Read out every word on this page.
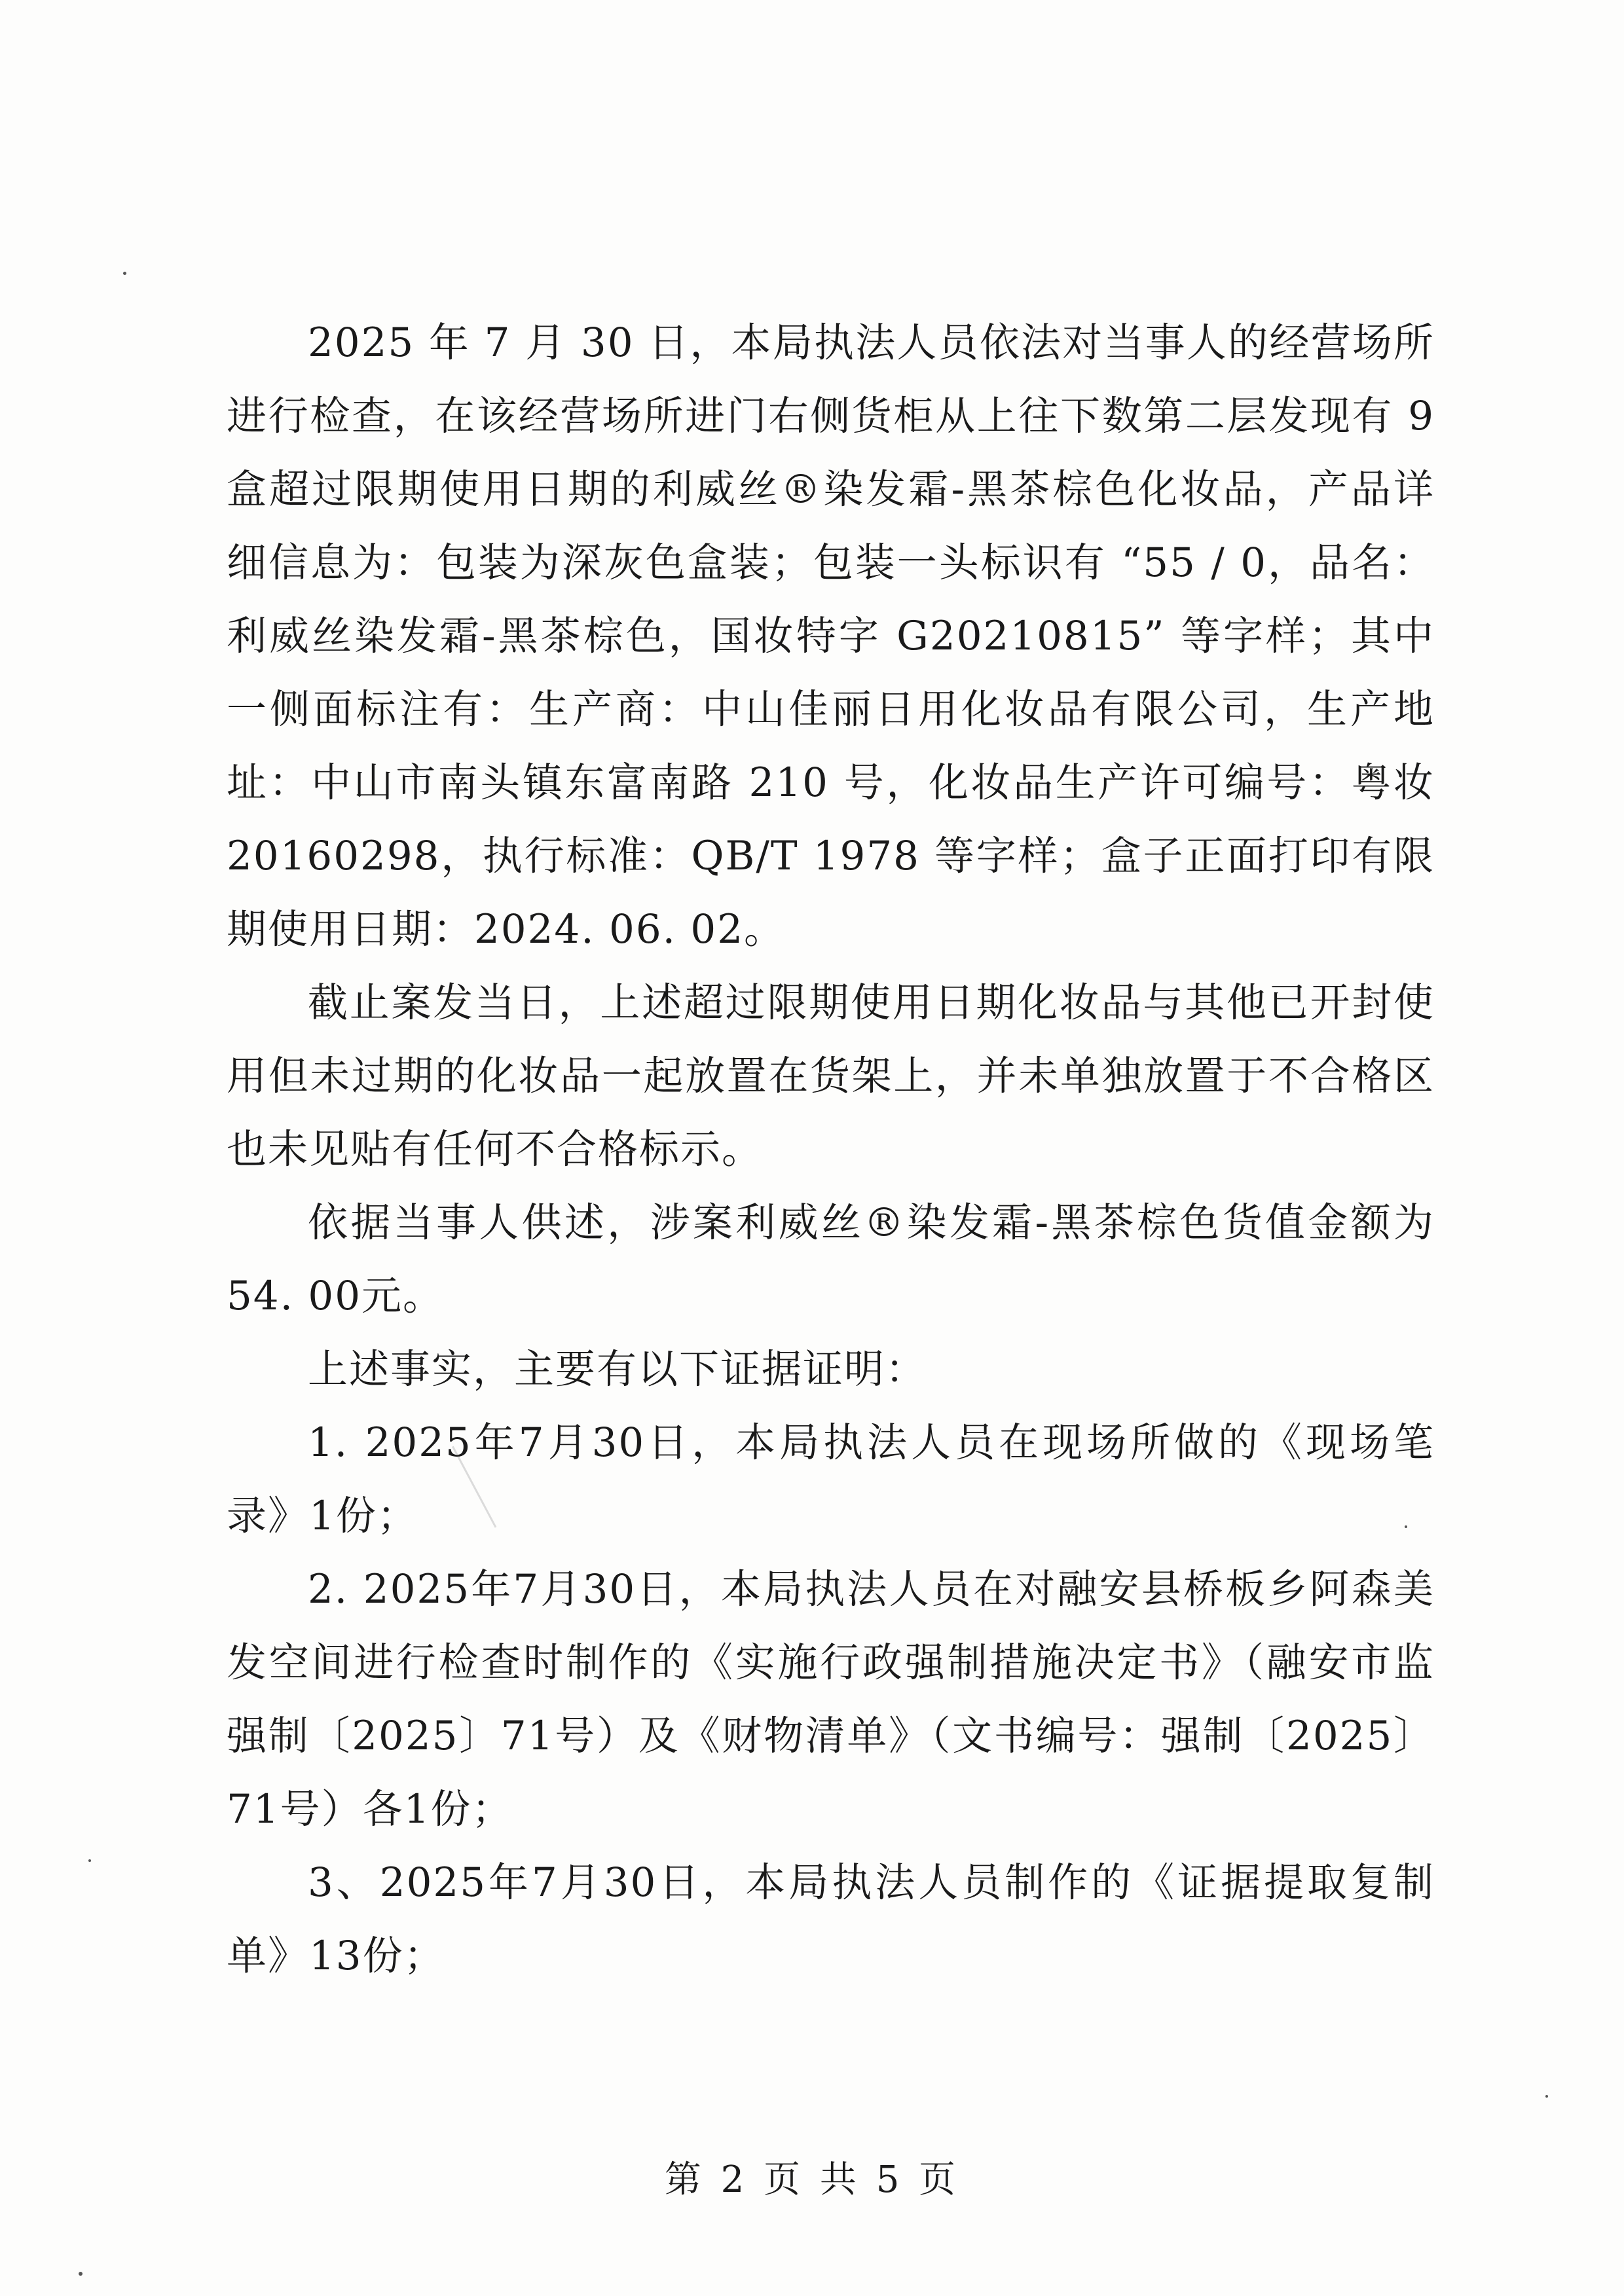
2025 年 7 月 30 日，本局执法人员依法对当事人的经营场所进行检查，在该经营场所进门右侧货柜从上往下数第二层发现有 9 盒超过限期使用日期的利威丝®染发霜-黑茶棕色化妆品，产品详细信息为：包装为深灰色盒装；包装一头标识有 “55 / 0，品名：利威丝染发霜-黑茶棕色，国妆特字 G20210815” 等字样；其中一侧面标注有：生产商：中山佳丽日用化妆品有限公司，生产地址：中山市南头镇东富南路 210 号，化妆品生产许可编号：粤妆 20160298，执行标准：QB/T 1978 等字样；盒子正面打印有限期使用日期：2024. 06. 02。

截止案发当日，上述超过限期使用日期化妆品与其他已开封使用但未过期的化妆品一起放置在货架上，并未单独放置于不合格区也未见贴有任何不合格标示。

依据当事人供述，涉案利威丝®染发霜-黑茶棕色货值金额为 54. 00元。

上述事实，主要有以下证据证明：

1. 2025年7月30日，本局执法人员在现场所做的《现场笔录》1份；

2. 2025年7月30日，本局执法人员在对融安县桥板乡阿森美发空间进行检查时制作的《实施行政强制措施决定书》（融安市监强制〔2025〕71号）及《财物清单》（文书编号：强制〔2025〕71号）各1份；

3、2025年7月30日，本局执法人员制作的《证据提取复制单》13份；

第 2 页 共 5 页
